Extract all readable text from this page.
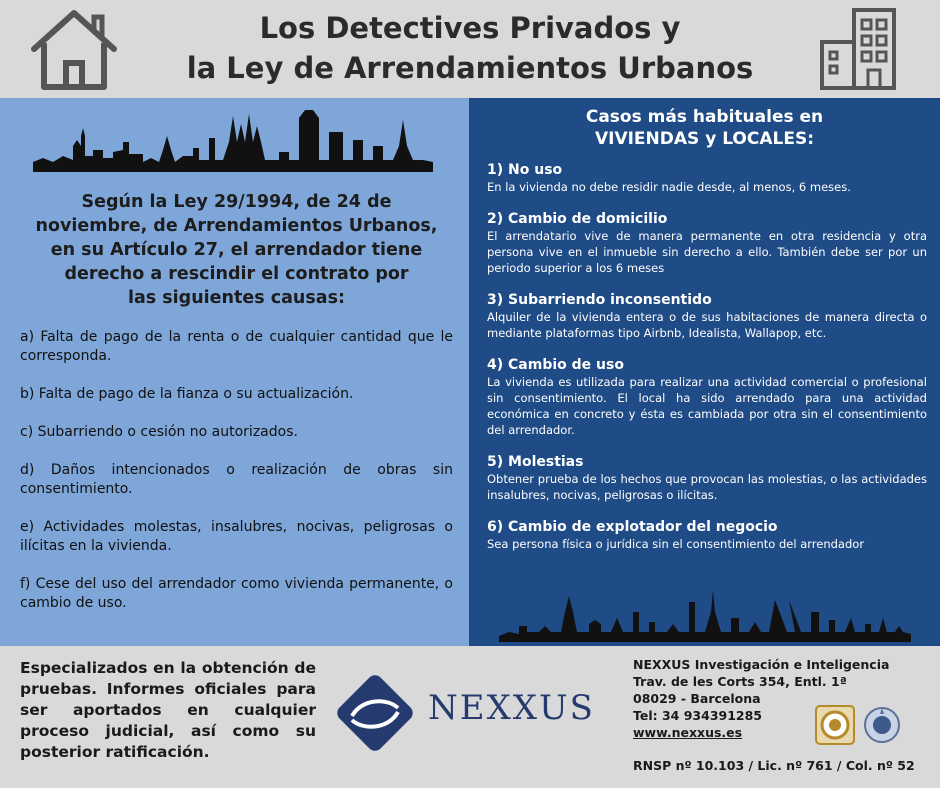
Los Detectives Privados y
la Ley de Arrendamientos Urbanos
Según la Ley 29/1994, de 24 de
noviembre, de Arrendamientos Urbanos,
en su Artículo 27, el arrendador tiene
derecho a rescindir el contrato por
las siguientes causas:
a) Falta de pago de la renta o de cualquier cantidad que le corresponda.
b) Falta de pago de la fianza o su actualización.
c) Subarriendo o cesión no autorizados.
d) Daños intencionados o realización de obras sin consentimiento.
e) Actividades molestas, insalubres, nocivas, peligrosas o ilícitas en la vivienda.
f) Cese del uso del arrendador como vivienda permanente, o cambio de uso.
Casos más habituales en
VIVIENDAS y LOCALES:
1) No uso
En la vivienda no debe residir nadie desde, al menos, 6 meses.
2) Cambio de domicilio
El arrendatario vive de manera permanente en otra residencia y otra persona vive en el inmueble sin derecho a ello. También debe ser por un periodo superior a los 6 meses
3) Subarriendo inconsentido
Alquiler de la vivienda entera o de sus habitaciones de manera directa o mediante plataformas tipo Airbnb, Idealista, Wallapop, etc.
4) Cambio de uso
La vivienda es utilizada para realizar una actividad comercial o profesional sin consentimiento. El local ha sido arrendado para una actividad económica en concreto y ésta es cambiada por otra sin el consentimiento del arrendador.
5) Molestias
Obtener prueba de los hechos que provocan las molestias, o las actividades insalubres, nocivas, peligrosas o ilícitas.
6) Cambio de explotador del negocio
Sea persona física o jurídica sin el consentimiento del arrendador
Especializados en la obtención de pruebas. Informes oficiales para ser aportados en cualquier proceso judicial, así como su posterior ratificación.
NEXXUS
NEXXUS Investigación e Inteligencia
Trav. de les Corts 354, Entl. 1ª
08029 - Barcelona
Tel: 34 934391285
www.nexxus.es
RNSP nº 10.103 / Lic. nº 761 / Col. nº 52
